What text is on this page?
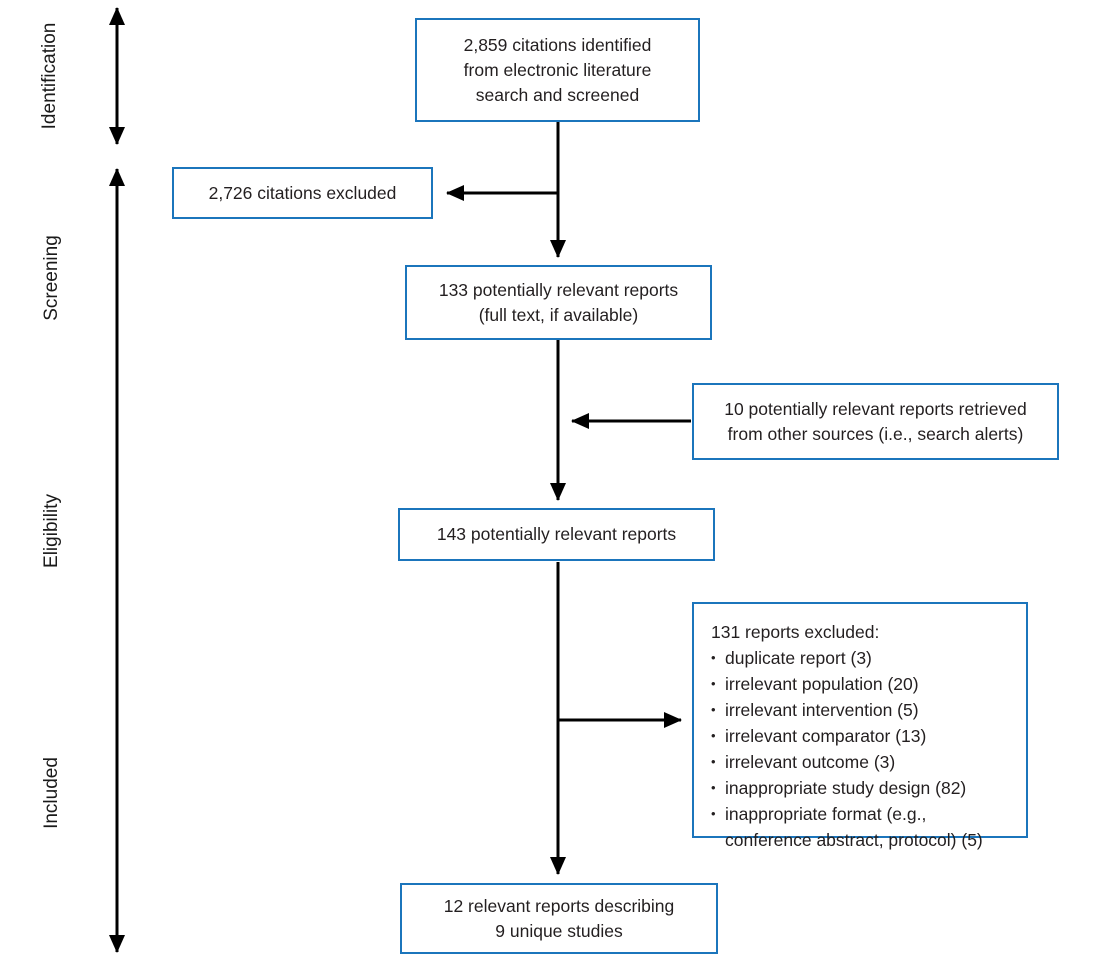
Identification
Screening
Eligibility
Included
2,859 citations identified
from electronic literature
search and screened
2,726 citations excluded
133 potentially relevant reports
(full text, if available)
10 potentially relevant reports retrieved
from other sources (i.e., search alerts)
143 potentially relevant reports
131 reports excluded:
• duplicate report (3)
• irrelevant population (20)
• irrelevant intervention (5)
• irrelevant comparator (13)
• irrelevant outcome (3)
• inappropriate study design (82)
• inappropriate format (e.g., conference abstract, protocol) (5)
12 relevant reports describing
9 unique studies
